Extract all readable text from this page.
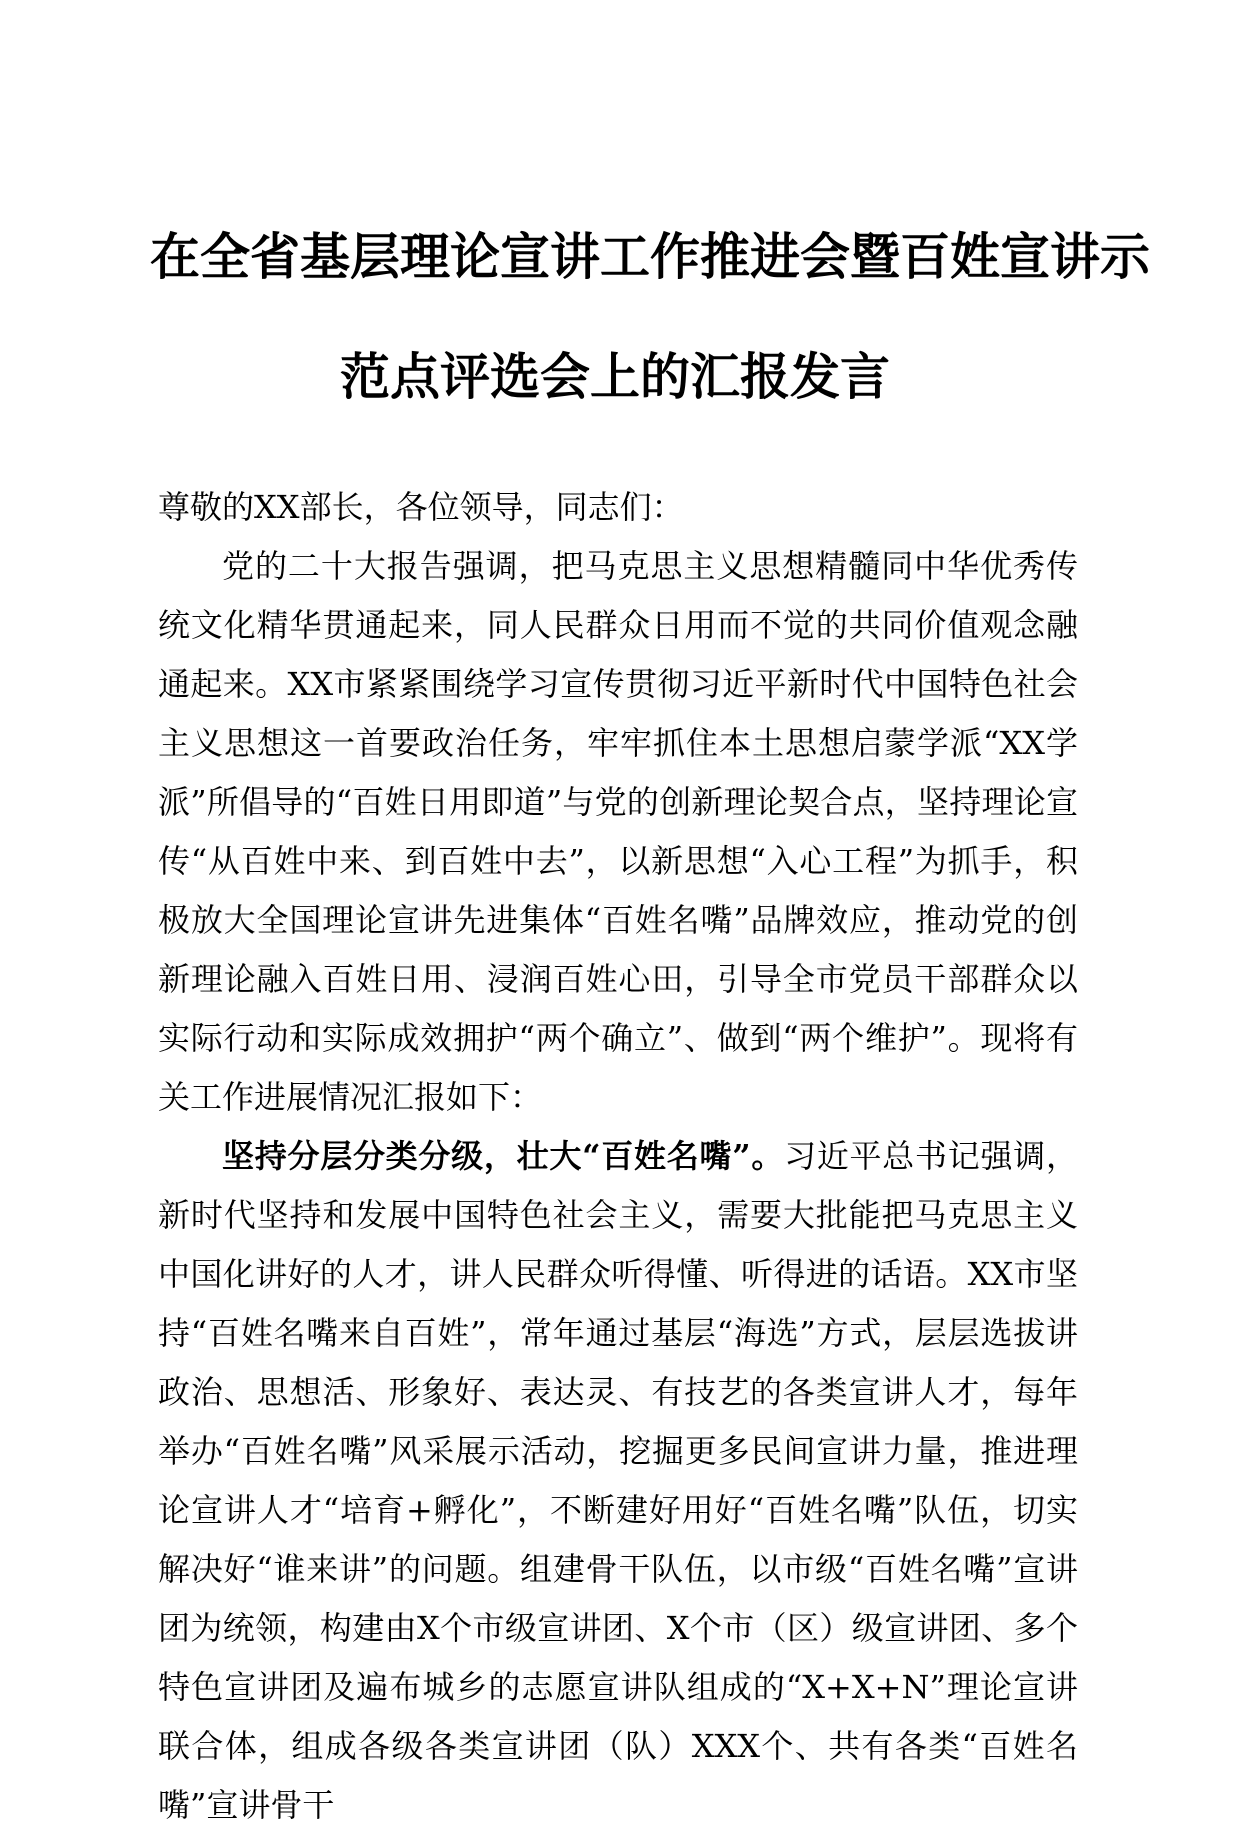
在全省基层理论宣讲工作推进会暨百姓宣讲示
范点评选会上的汇报发言

尊敬的XX部长，各位领导，同志们：

党的二十大报告强调，把马克思主义思想精髓同中华优秀传统文化精华贯通起来，同人民群众日用而不觉的共同价值观念融通起来。XX市紧紧围绕学习宣传贯彻习近平新时代中国特色社会主义思想这一首要政治任务，牢牢抓住本土思想启蒙学派“XX学派”所倡导的“百姓日用即道”与党的创新理论契合点，坚持理论宣传“从百姓中来、到百姓中去”，以新思想“入心工程”为抓手，积极放大全国理论宣讲先进集体“百姓名嘴”品牌效应，推动党的创新理论融入百姓日用、浸润百姓心田，引导全市党员干部群众以实际行动和实际成效拥护“两个确立”、做到“两个维护”。现将有关工作进展情况汇报如下：

坚持分层分类分级，壮大“百姓名嘴”。习近平总书记强调，新时代坚持和发展中国特色社会主义，需要大批能把马克思主义中国化讲好的人才，讲人民群众听得懂、听得进的话语。XX市坚持“百姓名嘴来自百姓”，常年通过基层“海选”方式，层层选拔讲政治、思想活、形象好、表达灵、有技艺的各类宣讲人才，每年举办“百姓名嘴”风采展示活动，挖掘更多民间宣讲力量，推进理论宣讲人才“培育+孵化”，不断建好用好“百姓名嘴”队伍，切实解决好“谁来讲”的问题。组建骨干队伍，以市级“百姓名嘴”宣讲团为统领，构建由X个市级宣讲团、X个市（区）级宣讲团、多个特色宣讲团及遍布城乡的志愿宣讲队组成的“X+X+N”理论宣讲联合体，组成各级各类宣讲团（队）XXX个、共有各类“百姓名嘴”宣讲骨干
